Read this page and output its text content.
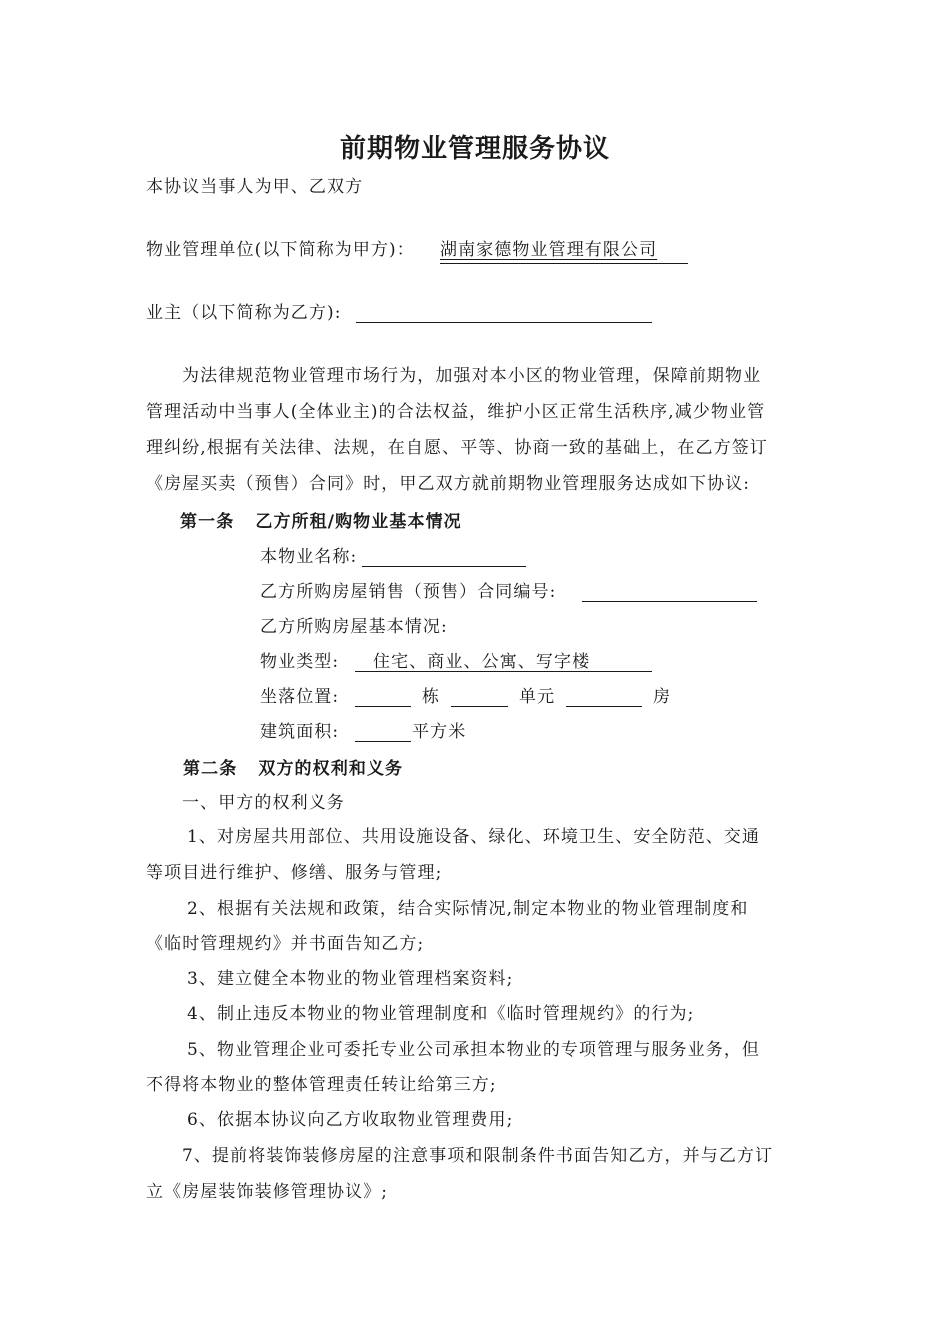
前期物业管理服务协议
本协议当事人为甲、乙双方
物业管理单位(以下简称为甲方)： 湖南家德物业管理有限公司
业主（以下简称为乙方):
为法律规范物业管理市场行为，加强对本小区的物业管理，保障前期物业
管理活动中当事人(全体业主)的合法权益，维护小区正常生活秩序,减少物业管
理纠纷,根据有关法律、法规，在自愿、平等、协商一致的基础上，在乙方签订
《房屋买卖（预售）合同》时，甲乙双方就前期物业管理服务达成如下协议:
第一条   乙方所租/购物业基本情况
本物业名称:
乙方所购房屋销售（预售）合同编号:
乙方所购房屋基本情况:
物业类型: 住宅、商业、公寓、写字楼
坐落位置:	栋	单元	房
建筑面积:	平方米
第二条   双方的权利和义务
一、甲方的权利义务
1、对房屋共用部位、共用设施设备、绿化、环境卫生、安全防范、交通
等项目进行维护、修缮、服务与管理;
2、根据有关法规和政策，结合实际情况,制定本物业的物业管理制度和
《临时管理规约》并书面告知乙方;
3、建立健全本物业的物业管理档案资料;
4、制止违反本物业的物业管理制度和《临时管理规约》的行为;
5、物业管理企业可委托专业公司承担本物业的专项管理与服务业务，但
不得将本物业的整体管理责任转让给第三方;
6、依据本协议向乙方收取物业管理费用;
7、提前将装饰装修房屋的注意事项和限制条件书面告知乙方，并与乙方订
立《房屋装饰装修管理协议》;
